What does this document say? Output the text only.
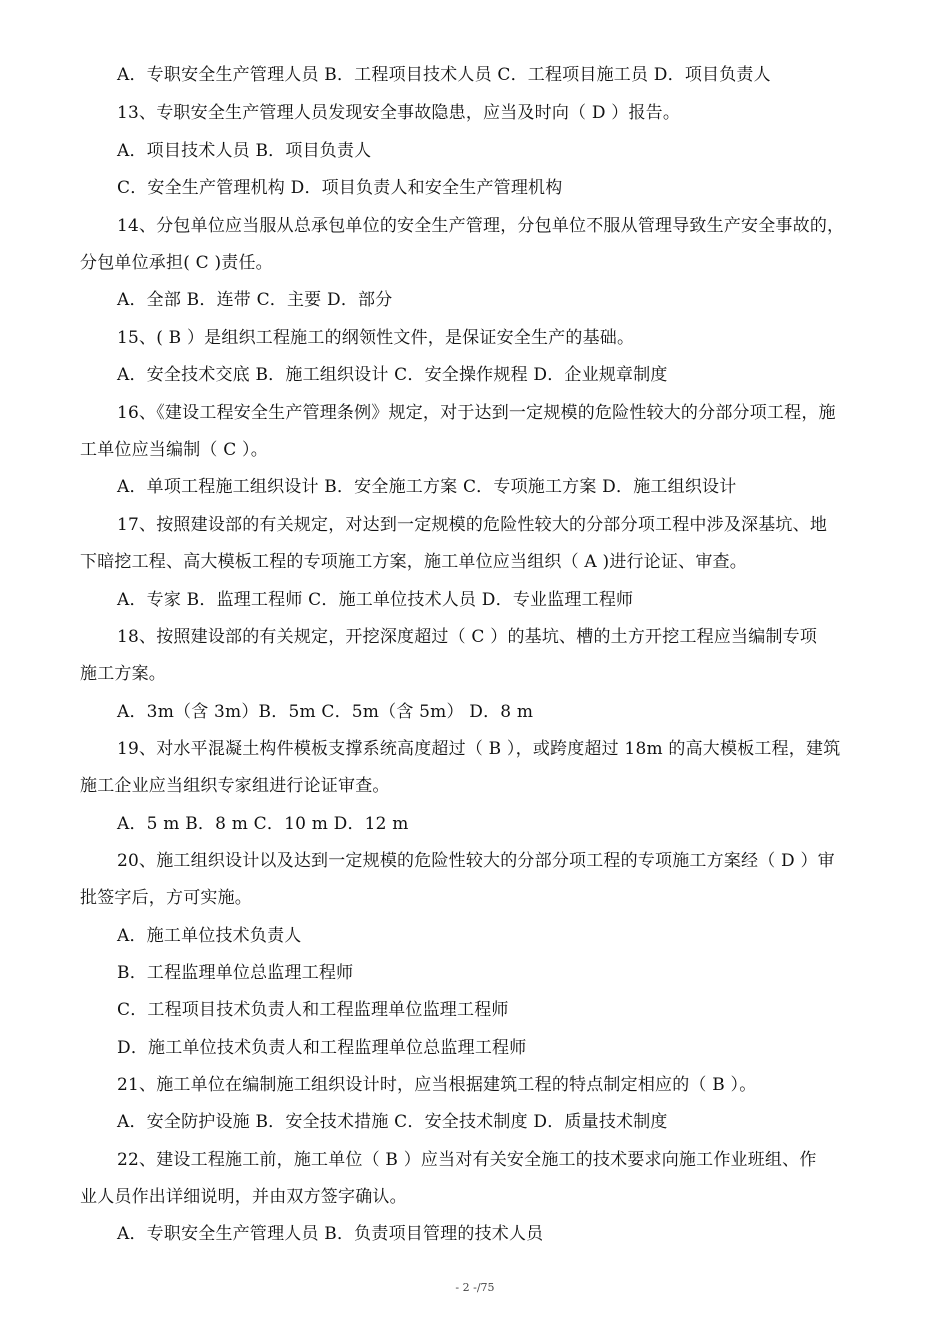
A．专职安全生产管理人员 B．工程项目技术人员 C．工程项目施工员 D．项目负责人
13、专职安全生产管理人员发现安全事故隐患，应当及时向（ D ）报告。
A．项目技术人员 B．项目负责人
C．安全生产管理机构 D．项目负责人和安全生产管理机构
14、分包单位应当服从总承包单位的安全生产管理，分包单位不服从管理导致生产安全事故的，
分包单位承担( C )责任。
A．全部 B．连带 C．主要 D．部分
15、( B ）是组织工程施工的纲领性文件，是保证安全生产的基础。
A．安全技术交底 B．施工组织设计 C．安全操作规程 D．企业规章制度
16、《建设工程安全生产管理条例》规定，对于达到一定规模的危险性较大的分部分项工程，施
工单位应当编制（ C ）。
A．单项工程施工组织设计 B．安全施工方案 C．专项施工方案 D．施工组织设计
17、按照建设部的有关规定，对达到一定规模的危险性较大的分部分项工程中涉及深基坑、地
下暗挖工程、高大模板工程的专项施工方案，施工单位应当组织（ A )进行论证、审查。
A．专家 B．监理工程师 C．施工单位技术人员 D．专业监理工程师
18、按照建设部的有关规定，开挖深度超过（ C ）的基坑、槽的土方开挖工程应当编制专项
施工方案。
A．3m（含 3m）B．5m C．5m（含 5m） D．8 m
19、对水平混凝土构件模板支撑系统高度超过（ B ），或跨度超过 18m 的高大模板工程，建筑
施工企业应当组织专家组进行论证审查。
A．5 m B．8 m C．10 m D．12 m
20、施工组织设计以及达到一定规模的危险性较大的分部分项工程的专项施工方案经（ D ）审
批签字后，方可实施。
A．施工单位技术负责人
B．工程监理单位总监理工程师
C．工程项目技术负责人和工程监理单位监理工程师
D．施工单位技术负责人和工程监理单位总监理工程师
21、施工单位在编制施工组织设计时，应当根据建筑工程的特点制定相应的（ B ）。
A．安全防护设施 B．安全技术措施 C．安全技术制度 D．质量技术制度
22、建设工程施工前，施工单位（ B ）应当对有关安全施工的技术要求向施工作业班组、作
业人员作出详细说明，并由双方签字确认。
A．专职安全生产管理人员 B．负责项目管理的技术人员
- 2 -/75
